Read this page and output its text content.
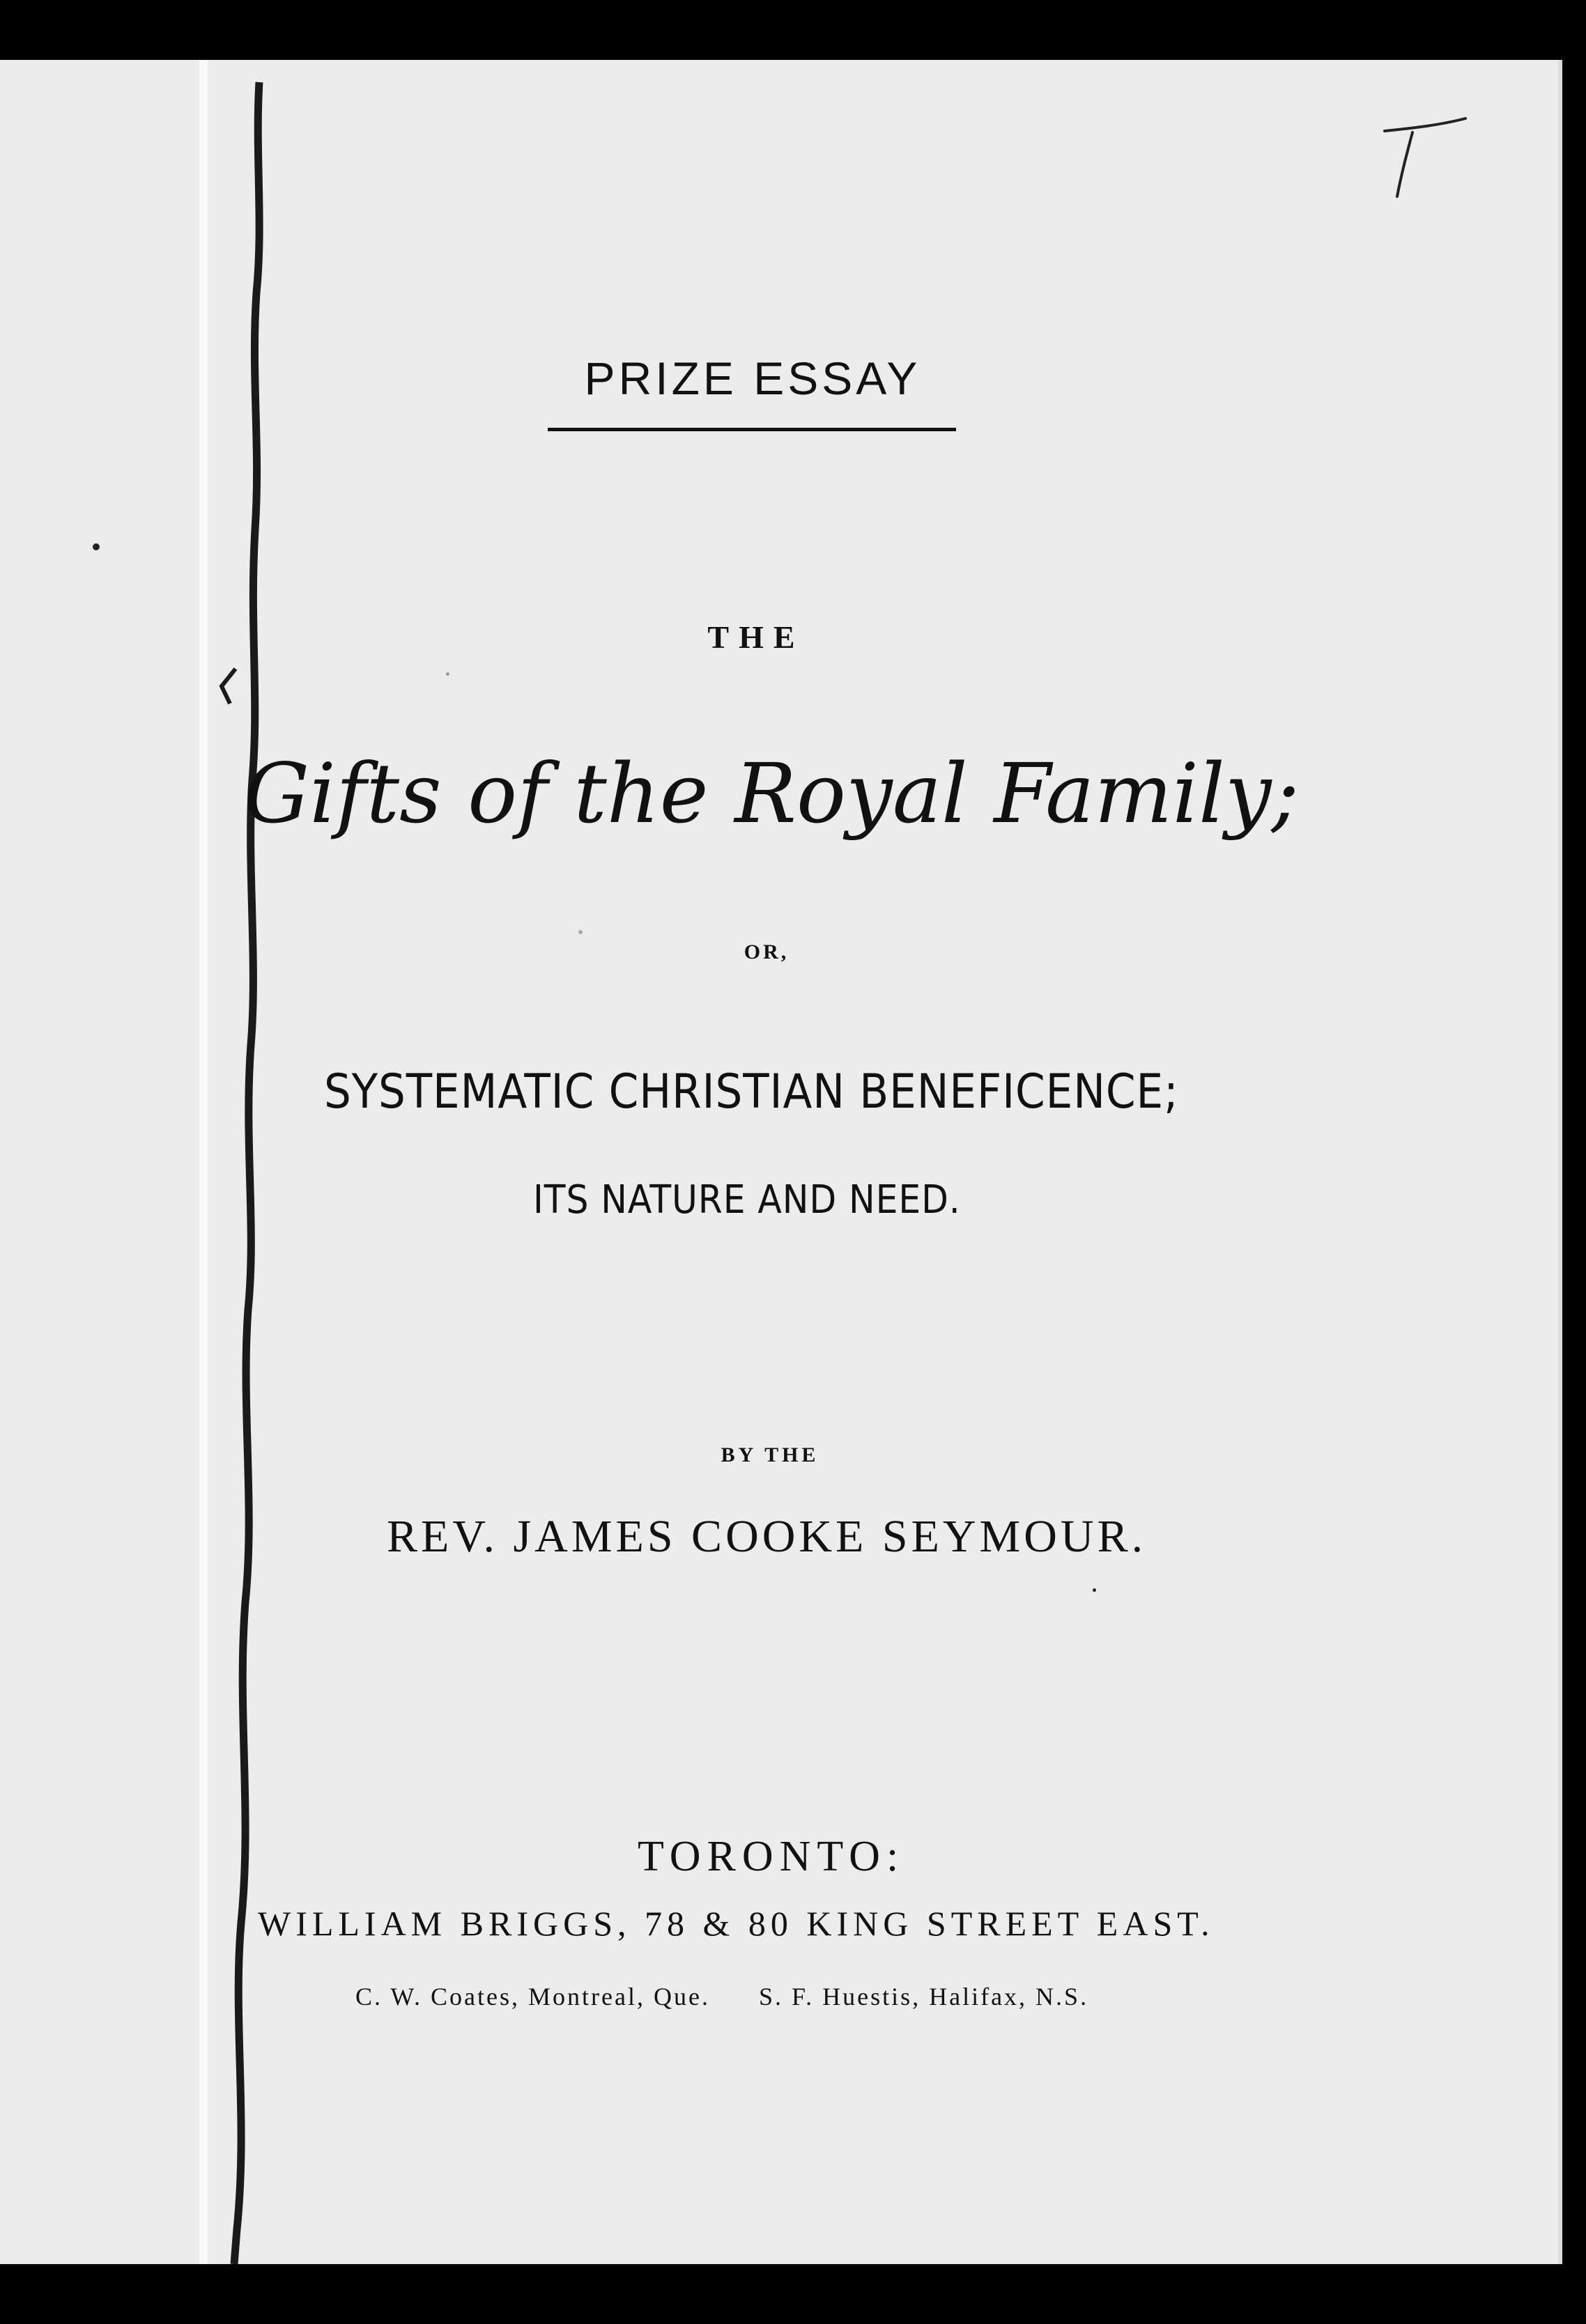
PRIZE ESSAY
THE
Gifts of the Royal Family;
OR,
SYSTEMATIC CHRISTIAN BENEFICENCE;
ITS NATURE AND NEED.
BY THE
REV. JAMES COOKE SEYMOUR.
TORONTO:
WILLIAM BRIGGS, 78 & 80 KING STREET EAST.
C. W. Coates, Montreal, Que. S. F. Huestis, Halifax, N.S.
